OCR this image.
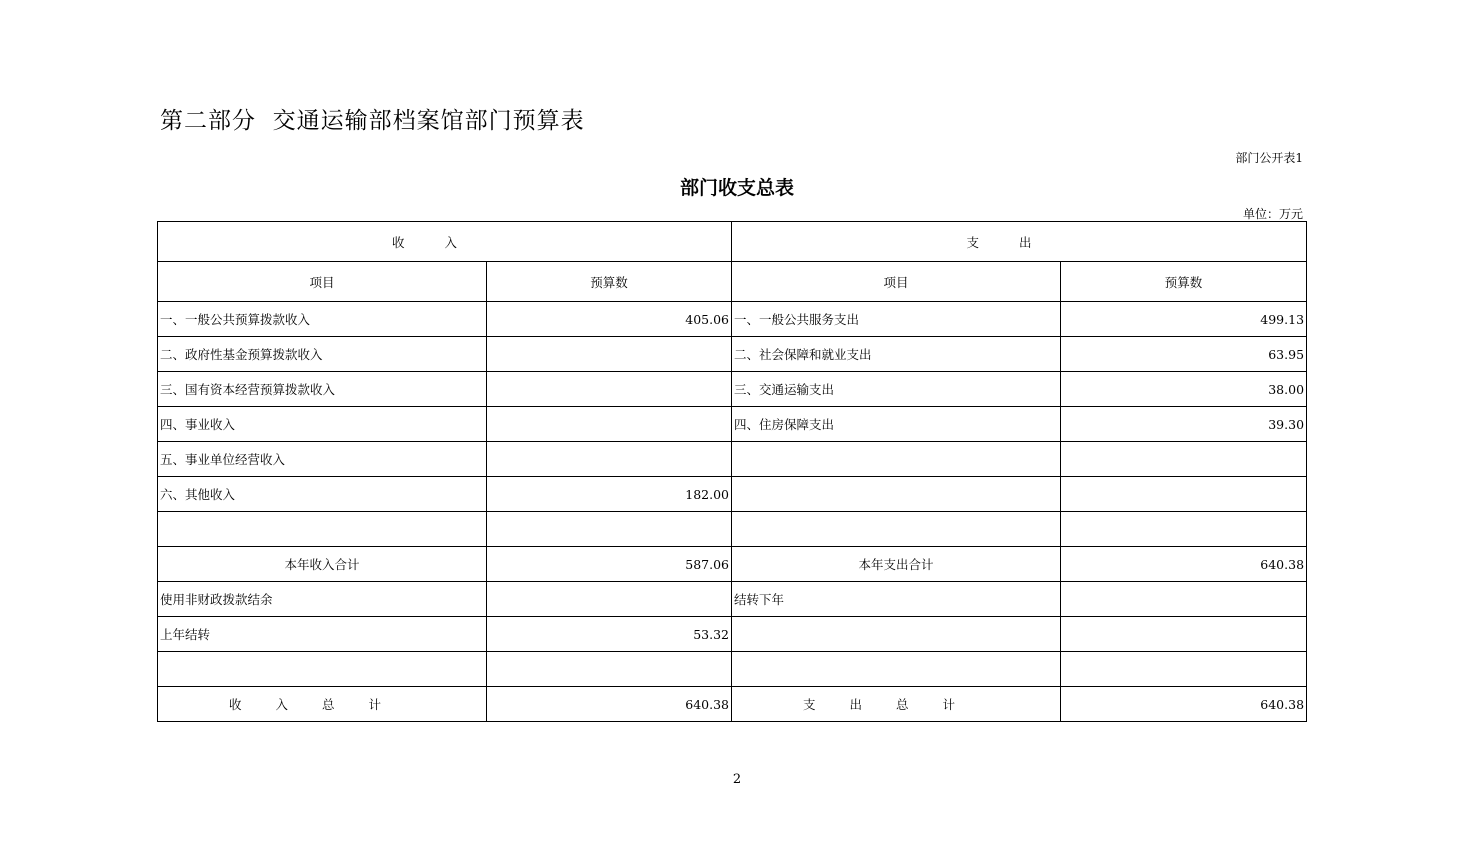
第二部分  交通运输部档案馆部门预算表
部门公开表1
部门收支总表
单位：万元
收入		支出	
项目	预算数	项目	预算数
一、一般公共预算拨款收入	405.06	一、一般公共服务支出	499.13
二、政府性基金预算拨款收入		二、社会保障和就业支出	63.95
三、国有资本经营预算拨款收入		三、交通运输支出	38.00
四、事业收入		四、住房保障支出	39.30
五、事业单位经营收入			
六、其他收入	182.00		

本年收入合计	587.06	本年支出合计	640.38
使用非财政拨款结余		结转下年	
上年结转	53.32		

收入总计	640.38	支出总计	640.38
2
